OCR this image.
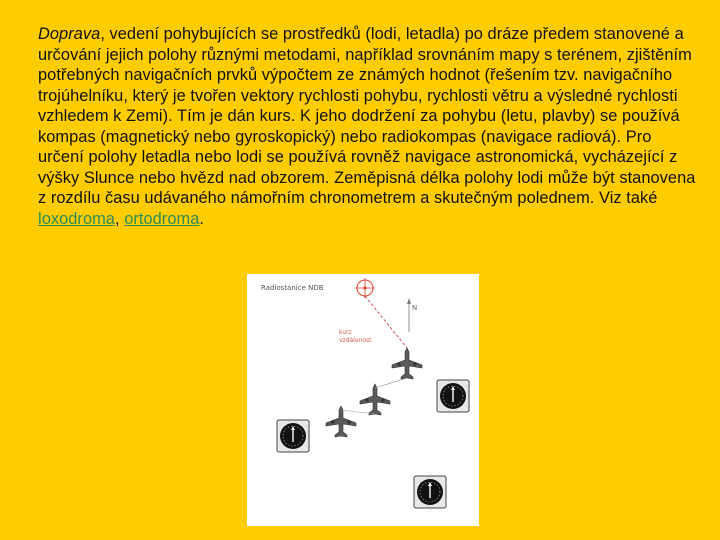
Doprava, vedení pohybujících se prostředků (lodi, letadla) po dráze předem stanovené a určování jejich polohy různými metodami, například srovnáním mapy s terénem, zjištěním potřebných navigačních prvků výpočtem ze známých hodnot (řešením tzv. navigačního trojúhelníku, který je tvořen vektory rychlosti pohybu, rychlosti větru a výsledné rychlosti vzhledem k Zemi). Tím je dán kurs. K jeho dodržení za pohybu (letu, plavby) se používá kompas (magnetický nebo gyroskopický) nebo radiokompas (navigace radiová). Pro určení polohy letadla nebo lodi se používá rovněž navigace astronomická, vycházející z výšky Slunce nebo hvězd nad obzorem. Zeměpisná délka polohy lodi může být stanovena z rozdílu času udávaného námořním chronometrem a skutečným polednem. Viz také loxodroma, ortodroma.
Radiostanice NDB
N
kurz
vzdálenost
